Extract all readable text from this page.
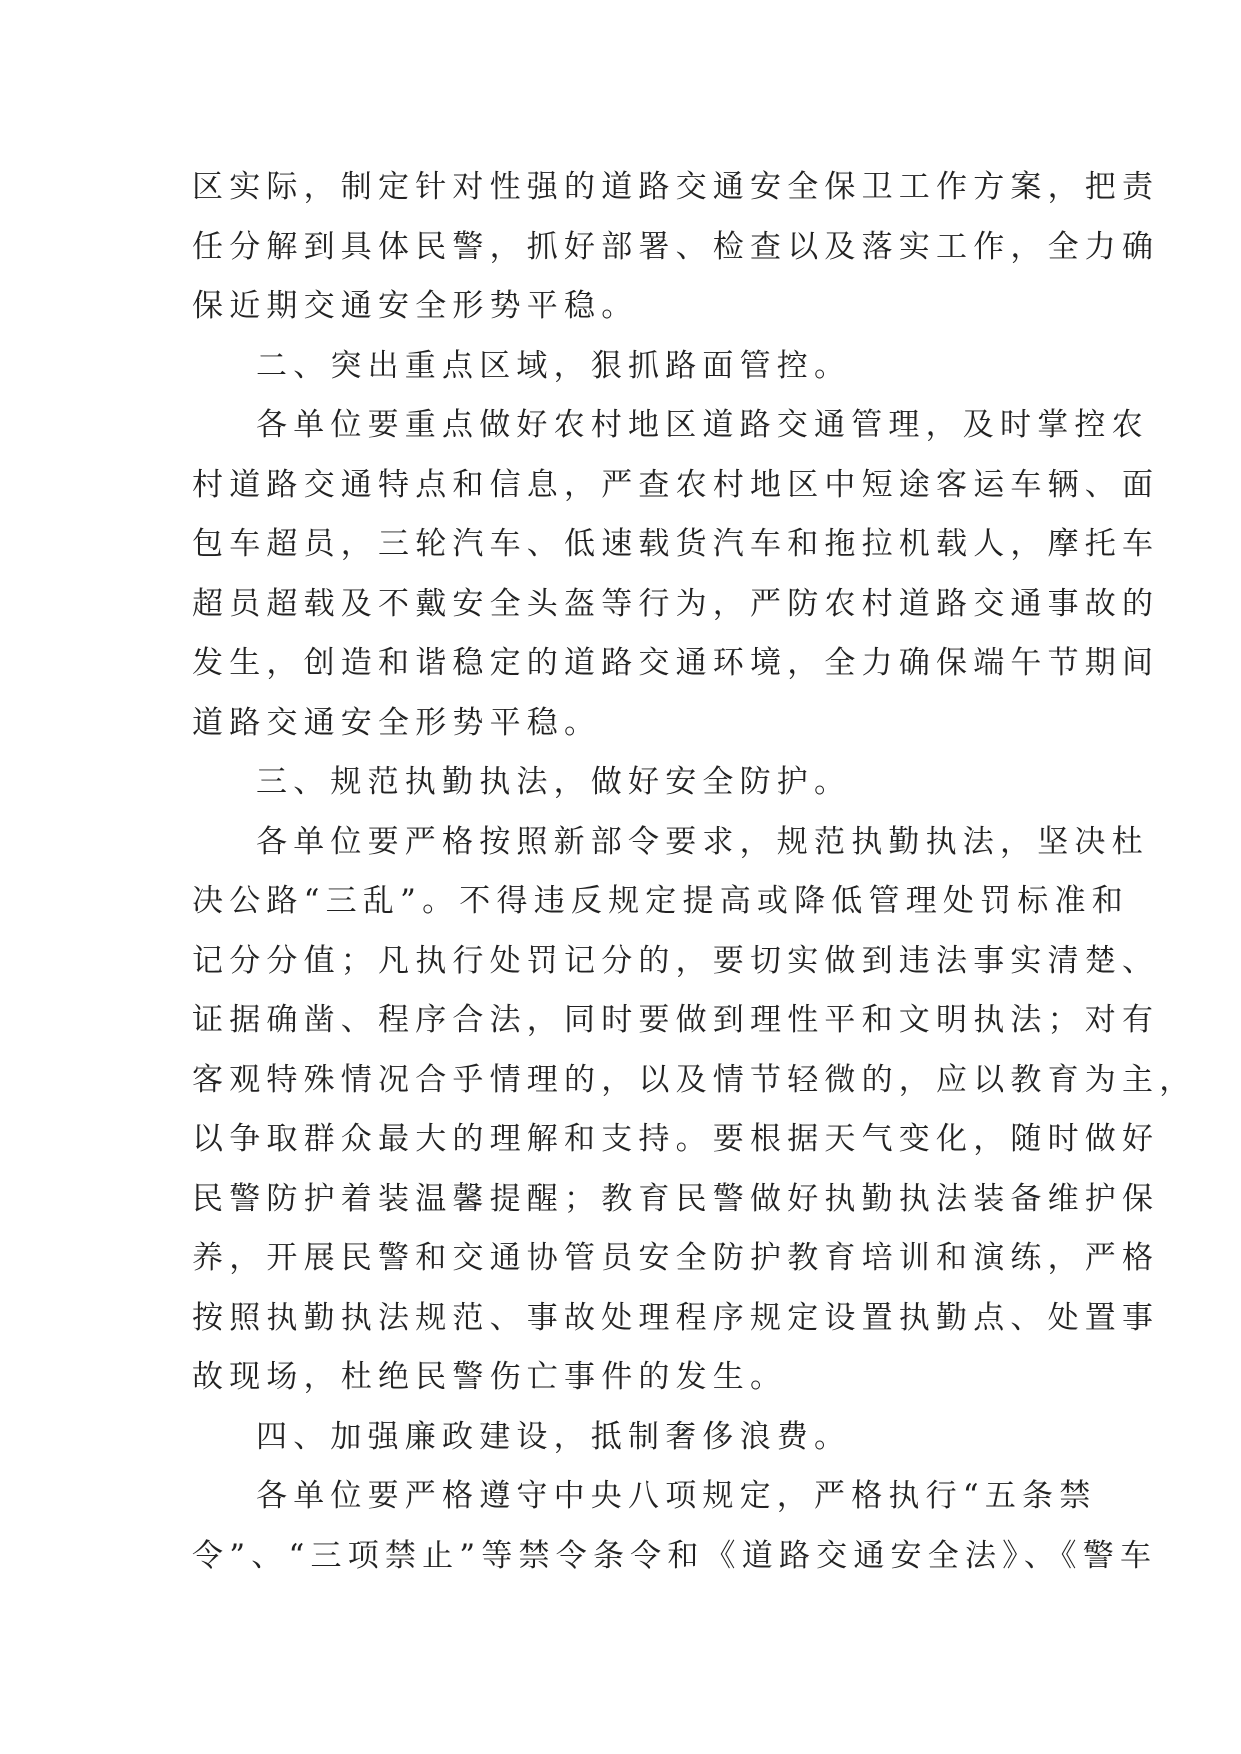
区实际，制定针对性强的道路交通安全保卫工作方案，把责
任分解到具体民警，抓好部署、检查以及落实工作，全力确
保近期交通安全形势平稳。
二、突出重点区域，狠抓路面管控。
各单位要重点做好农村地区道路交通管理，及时掌控农
村道路交通特点和信息，严查农村地区中短途客运车辆、面
包车超员，三轮汽车、低速载货汽车和拖拉机载人，摩托车
超员超载及不戴安全头盔等行为，严防农村道路交通事故的
发生，创造和谐稳定的道路交通环境，全力确保端午节期间
道路交通安全形势平稳。
三、规范执勤执法，做好安全防护。
各单位要严格按照新部令要求，规范执勤执法，坚决杜
决公路“三乱”。不得违反规定提高或降低管理处罚标准和
记分分值；凡执行处罚记分的，要切实做到违法事实清楚、
证据确凿、程序合法，同时要做到理性平和文明执法；对有
客观特殊情况合乎情理的，以及情节轻微的，应以教育为主，
以争取群众最大的理解和支持。要根据天气变化，随时做好
民警防护着装温馨提醒；教育民警做好执勤执法装备维护保
养，开展民警和交通协管员安全防护教育培训和演练，严格
按照执勤执法规范、事故处理程序规定设置执勤点、处置事
故现场，杜绝民警伤亡事件的发生。
四、加强廉政建设，抵制奢侈浪费。
各单位要严格遵守中央八项规定，严格执行“五条禁
令”、“三项禁止”等禁令条令和《道路交通安全法》、《警车
